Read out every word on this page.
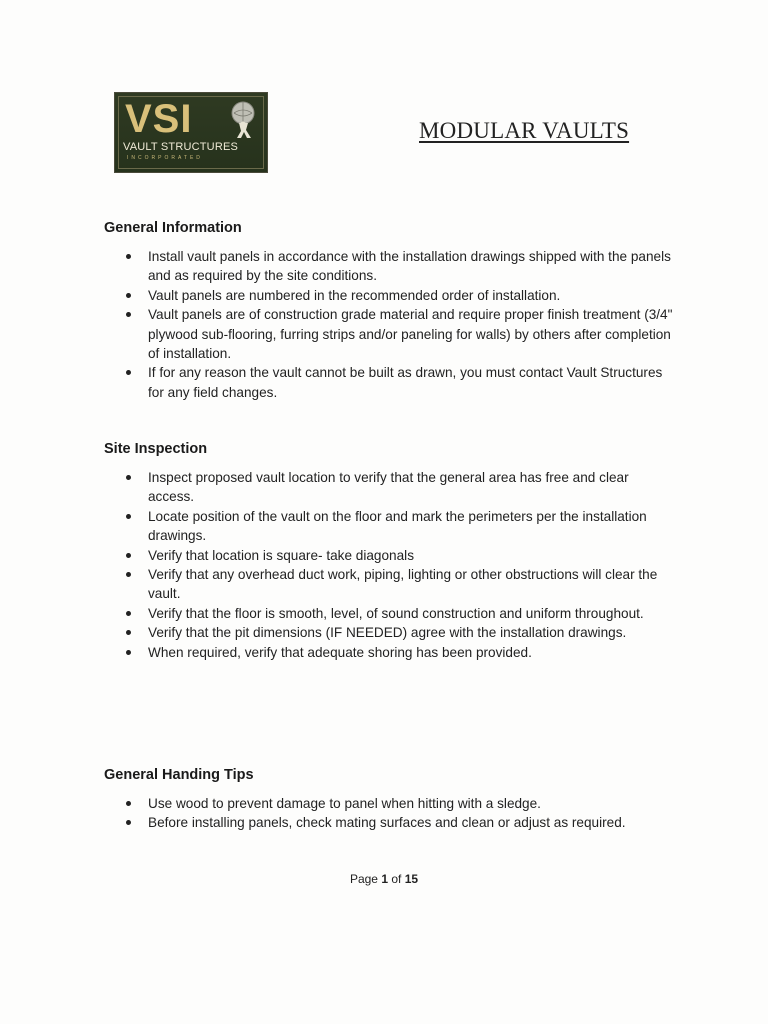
VSI
VAULT STRUCTURES
INCORPORATED
MODULAR VAULTS
General Information
Install vault panels in accordance with the installation drawings shipped with the panels and as required by the site conditions.
Vault panels are numbered in the recommended order of installation.
Vault panels are of construction grade material and require proper finish treatment (3/4" plywood sub-flooring, furring strips and/or paneling for walls) by others after completion of installation.
If for any reason the vault cannot be built as drawn, you must contact Vault Structures for any field changes.
Site Inspection
Inspect proposed vault location to verify that the general area has free and clear access.
Locate position of the vault on the floor and mark the perimeters per the installation drawings.
Verify that location is square- take diagonals
Verify that any overhead duct work, piping, lighting or other obstructions will clear the vault.
Verify that the floor is smooth, level, of sound construction and uniform throughout.
Verify that the pit dimensions (IF NEEDED) agree with the installation drawings.
When required, verify that adequate shoring has been provided.
General Handing Tips
Use wood to prevent damage to panel when hitting with a sledge.
Before installing panels, check mating surfaces and clean or adjust as required.
Page 1 of 15
